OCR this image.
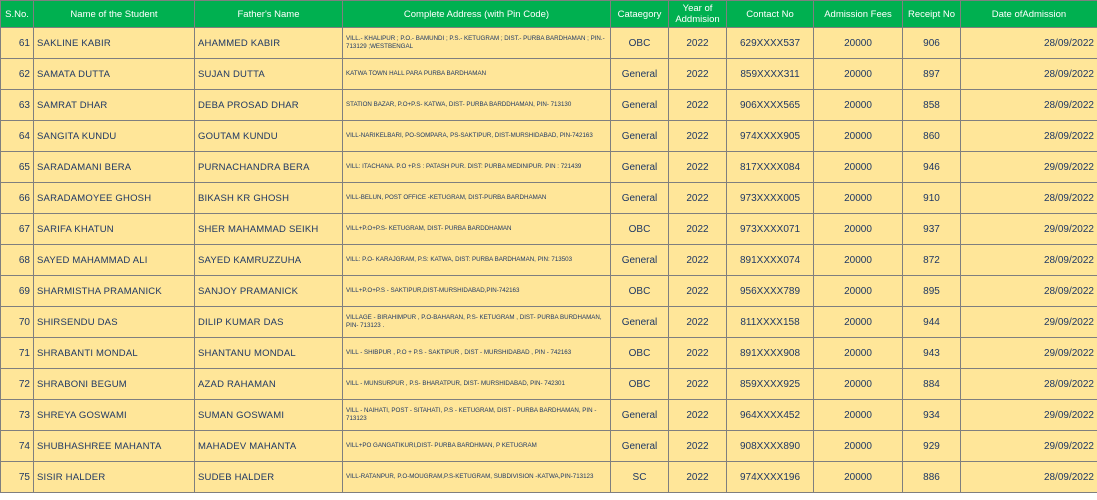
S.No.	Name of the Student	Father's Name	Complete Address (with Pin Code)	Cataegory	Year of Addmision	Contact No	Admission Fees	Receipt No	Date ofAdmission
61	SAKLINE KABIR	AHAMMED KABIR	VILL.- KHALIPUR ; P.O.- BAMUNDI ; P.S.- KETUGRAM ; DIST.- PURBA BARDHAMAN ; PIN.- 713129 ;WESTBENGAL	OBC	2022	629XXXX537	20000	906	28/09/2022
62	SAMATA DUTTA	SUJAN DUTTA	KATWA TOWN HALL PARA PURBA BARDHAMAN	General	2022	859XXXX311	20000	897	28/09/2022
63	SAMRAT DHAR	DEBA PROSAD DHAR	STATION BAZAR, P.O+P.S- KATWA, DIST- PURBA BARDDHAMAN, PIN- 713130	General	2022	906XXXX565	20000	858	28/09/2022
64	SANGITA KUNDU	GOUTAM KUNDU	VILL-NARIKELBARI, PO-SOMPARA, PS-SAKTIPUR, DIST-MURSHIDABAD, PIN-742163	General	2022	974XXXX905	20000	860	28/09/2022
65	SARADAMANI BERA	PURNACHANDRA BERA	VILL: ITACHANA. P.O +P.S : PATASH PUR. DIST: PURBA MEDINIPUR. PIN : 721439	General	2022	817XXXX084	20000	946	29/09/2022
66	SARADAMOYEE GHOSH	BIKASH KR GHOSH	VILL-BELUN, POST OFFICE -KETUGRAM, DIST-PURBA BARDHAMAN	General	2022	973XXXX005	20000	910	28/09/2022
67	SARIFA KHATUN	SHER MAHAMMAD SEIKH	VILL+P.O+P.S- KETUGRAM, DIST- PURBA BARDDHAMAN	OBC	2022	973XXXX071	20000	937	29/09/2022
68	SAYED MAHAMMAD ALI	SAYED KAMRUZZUHA	VILL: P.O- KARAJGRAM, P.S: KATWA, DIST: PURBA BARDHAMAN, PIN: 713503	General	2022	891XXXX074	20000	872	28/09/2022
69	SHARMISTHA PRAMANICK	SANJOY PRAMANICK	VILL+P.O+P.S - SAKTIPUR,DIST-MURSHIDABAD,PIN-742163	OBC	2022	956XXXX789	20000	895	28/09/2022
70	SHIRSENDU DAS	DILIP KUMAR DAS	VILLAGE - BIRAHIMPUR , P.O-BAHARAN, P.S- KETUGRAM , DIST- PURBA BURDHAMAN, PIN- 713123 .	General	2022	811XXXX158	20000	944	29/09/2022
71	SHRABANTI MONDAL	SHANTANU MONDAL	VILL - SHIBPUR , P.O + P.S - SAKTIPUR , DIST - MURSHIDABAD , PIN - 742163	OBC	2022	891XXXX908	20000	943	29/09/2022
72	SHRABONI BEGUM	AZAD RAHAMAN	VILL - MUNSURPUR , P.S- BHARATPUR, DIST- MURSHIDABAD, PIN- 742301	OBC	2022	859XXXX925	20000	884	28/09/2022
73	SHREYA GOSWAMI	SUMAN GOSWAMI	VILL - NAIHATI, POST - SITAHATI, P.S - KETUGRAM, DIST - PURBA BARDHAMAN, PIN - 713123	General	2022	964XXXX452	20000	934	29/09/2022
74	SHUBHASHREE MAHANTA	MAHADEV MAHANTA	VILL+PO GANGATIKURI,DIST- PURBA BARDHMAN, P KETUGRAM	General	2022	908XXXX890	20000	929	29/09/2022
75	SISIR HALDER	SUDEB HALDER	VILL-RATANPUR, P.O-MOUGRAM,P.S-KETUGRAM, SUBDIVISION -KATWA,PIN-713123	SC	2022	974XXXX196	20000	886	28/09/2022
